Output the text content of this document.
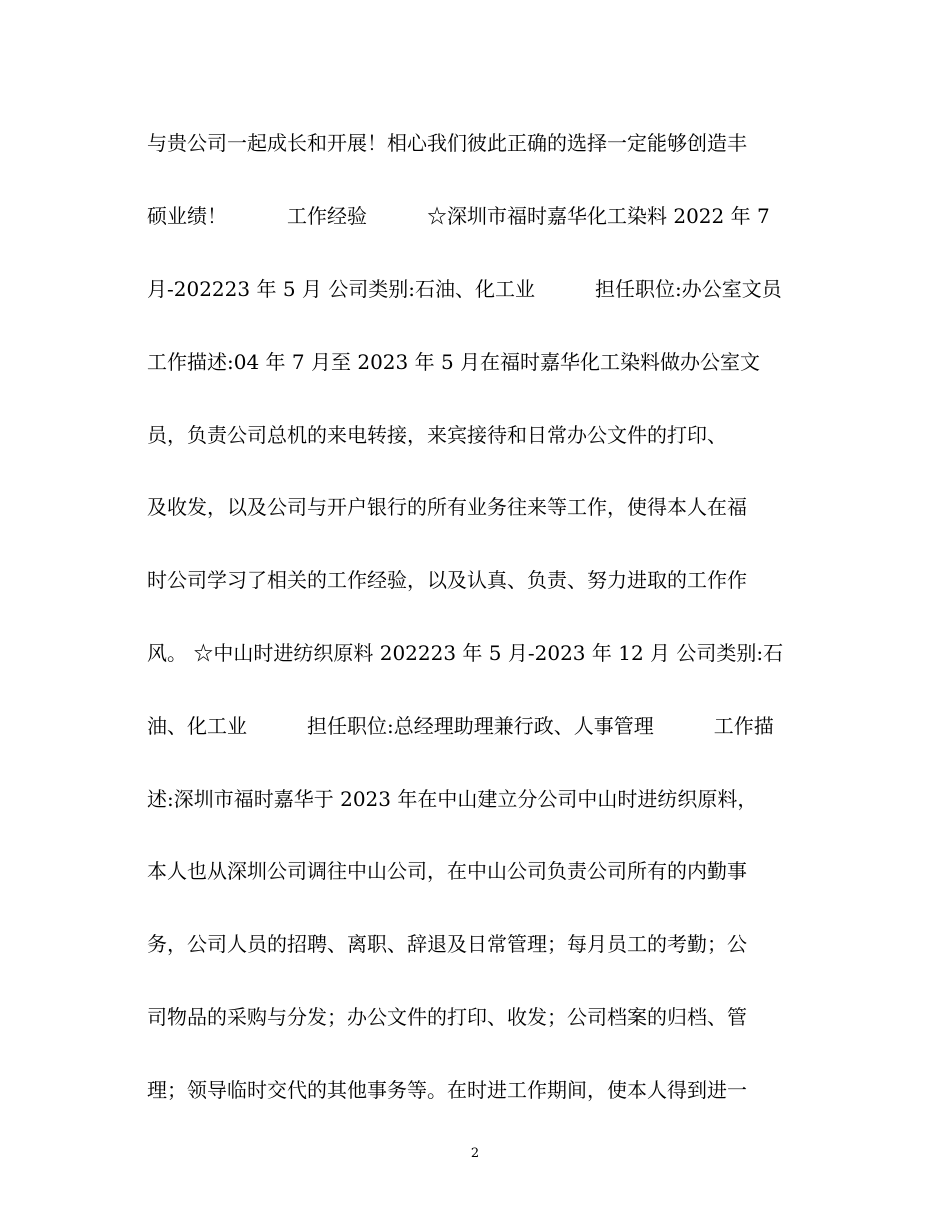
与贵公司一起成长和开展！相心我们彼此正确的选择一定能够创造丰
硕业绩！　　　工作经验　　　☆深圳市福时嘉华化工染料 2022 年 7
月-202223 年 5 月 公司类别:石油、化工业　　　担任职位:办公室文员
工作描述:04 年 7 月至 2023 年 5 月在福时嘉华化工染料做办公室文
员，负责公司总机的来电转接，来宾接待和日常办公文件的打印、
及收发，以及公司与开户银行的所有业务往来等工作，使得本人在福
时公司学习了相关的工作经验，以及认真、负责、努力进取的工作作
风。 ☆中山时进纺织原料 202223 年 5 月-2023 年 12 月 公司类别:石
油、化工业　　　担任职位:总经理助理兼行政、人事管理　　　工作描
述:深圳市福时嘉华于 2023 年在中山建立分公司中山时进纺织原料，
本人也从深圳公司调往中山公司，在中山公司负责公司所有的内勤事
务，公司人员的招聘、离职、辞退及日常管理；每月员工的考勤；公
司物品的采购与分发；办公文件的打印、收发；公司档案的归档、管
理；领导临时交代的其他事务等。在时进工作期间，使本人得到进一
2
